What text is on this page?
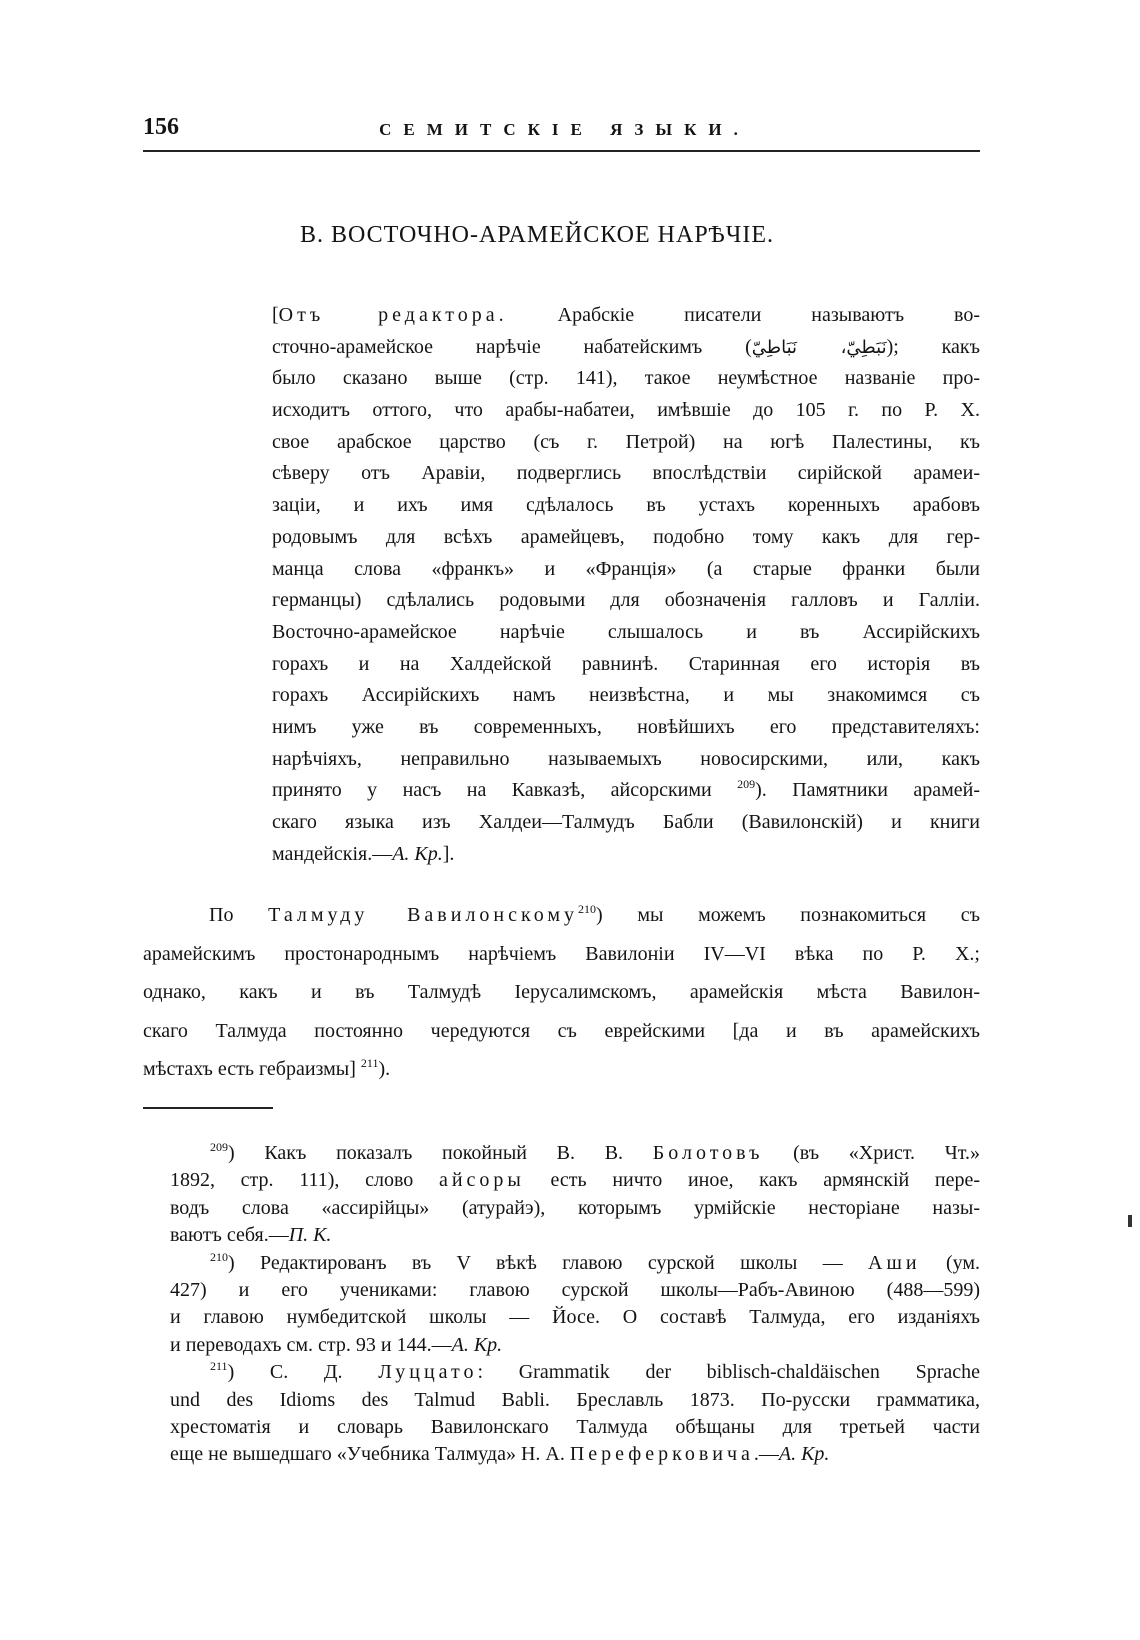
156	СЕМИТСКІЕ ЯЗЫКИ.
В. ВОСТОЧНО-АРАМЕЙСКОЕ НАРѢЧІЕ.
[Отъ редактора. Арабскіе писатели называютъ во-
сточно-арамейское нарѣчіе набатейскимъ (نَبَطِيّ، نَبَاطِيّ); какъ
было сказано выше (стр. 141), такое неумѣстное названіе про-
исходитъ оттого, что арабы-набатеи, имѣвшіе до 105 г. по Р. Х.
свое арабское царство (съ г. Петрой) на югѣ Палестины, къ
сѣверу отъ Аравіи, подверглись впослѣдствіи сирійской арамеи-
заціи, и ихъ имя сдѣлалось въ устахъ коренныхъ арабовъ
родовымъ для всѣхъ арамейцевъ, подобно тому какъ для гер-
манца слова «франкъ» и «Франція» (а старые франки были
германцы) сдѣлались родовыми для обозначенія галловъ и Галліи.
Восточно-арамейское нарѣчіе слышалось и въ Ассирійскихъ
горахъ и на Халдейской равнинѣ. Старинная его исторія въ
горахъ Ассирійскихъ намъ неизвѣстна, и мы знакомимся съ
нимъ уже въ современныхъ, новѣйшихъ его представителяхъ:
нарѣчіяхъ, неправильно называемыхъ новосирскими, или, какъ
принято у насъ на Кавказѣ, айсорскими $^{209}$). Памятники арамей-
скаго языка изъ Халдеи—Талмудъ Бабли (Вавилонскій) и книги
мандейскія.—А. Кр.].
По Талмуду Вавилонскому$^{210}$) мы можемъ познакомиться съ
арамейскимъ простонароднымъ нарѣчіемъ Вавилоніи IV—VI вѣка по Р. Х.;
однако, какъ и въ Талмудѣ Іерусалимскомъ, арамейскія мѣста Вавилон-
скаго Талмуда постоянно чередуются съ еврейскими [да и въ арамейскихъ
мѣстахъ есть гебраизмы] $^{211}$).
$^{209}$) Какъ показалъ покойный В. В. Болотовъ (въ «Христ. Чт.»
1892, стр. 111), слово айсоры есть ничто иное, какъ армянскій пере-
водъ слова «ассирійцы» (атурайэ), которымъ урмійскіе несторіане назы-
ваютъ себя.—П. К.
$^{210}$) Редактированъ въ V вѣкѣ главою сурской школы — Аши (ум.
427) и его учениками: главою сурской школы—Рабъ-Авиною (488—599)
и главою нумбедитской школы — Йосе. О составѣ Талмуда, его изданіяхъ
и переводахъ см. стр. 93 и 144.—А. Кр.
$^{211}$) С. Д. Луццато: Grammatik der biblisch-chaldäischen Sprache
und des Idioms des Talmud Babli. Бреславль 1873. По-русски грамматика,
хрестоматія и словарь Вавилонскаго Талмуда обѣщаны для третьей части
еще не вышедшаго «Учебника Талмуда» Н. А. Переферковича.—А. Кр.
